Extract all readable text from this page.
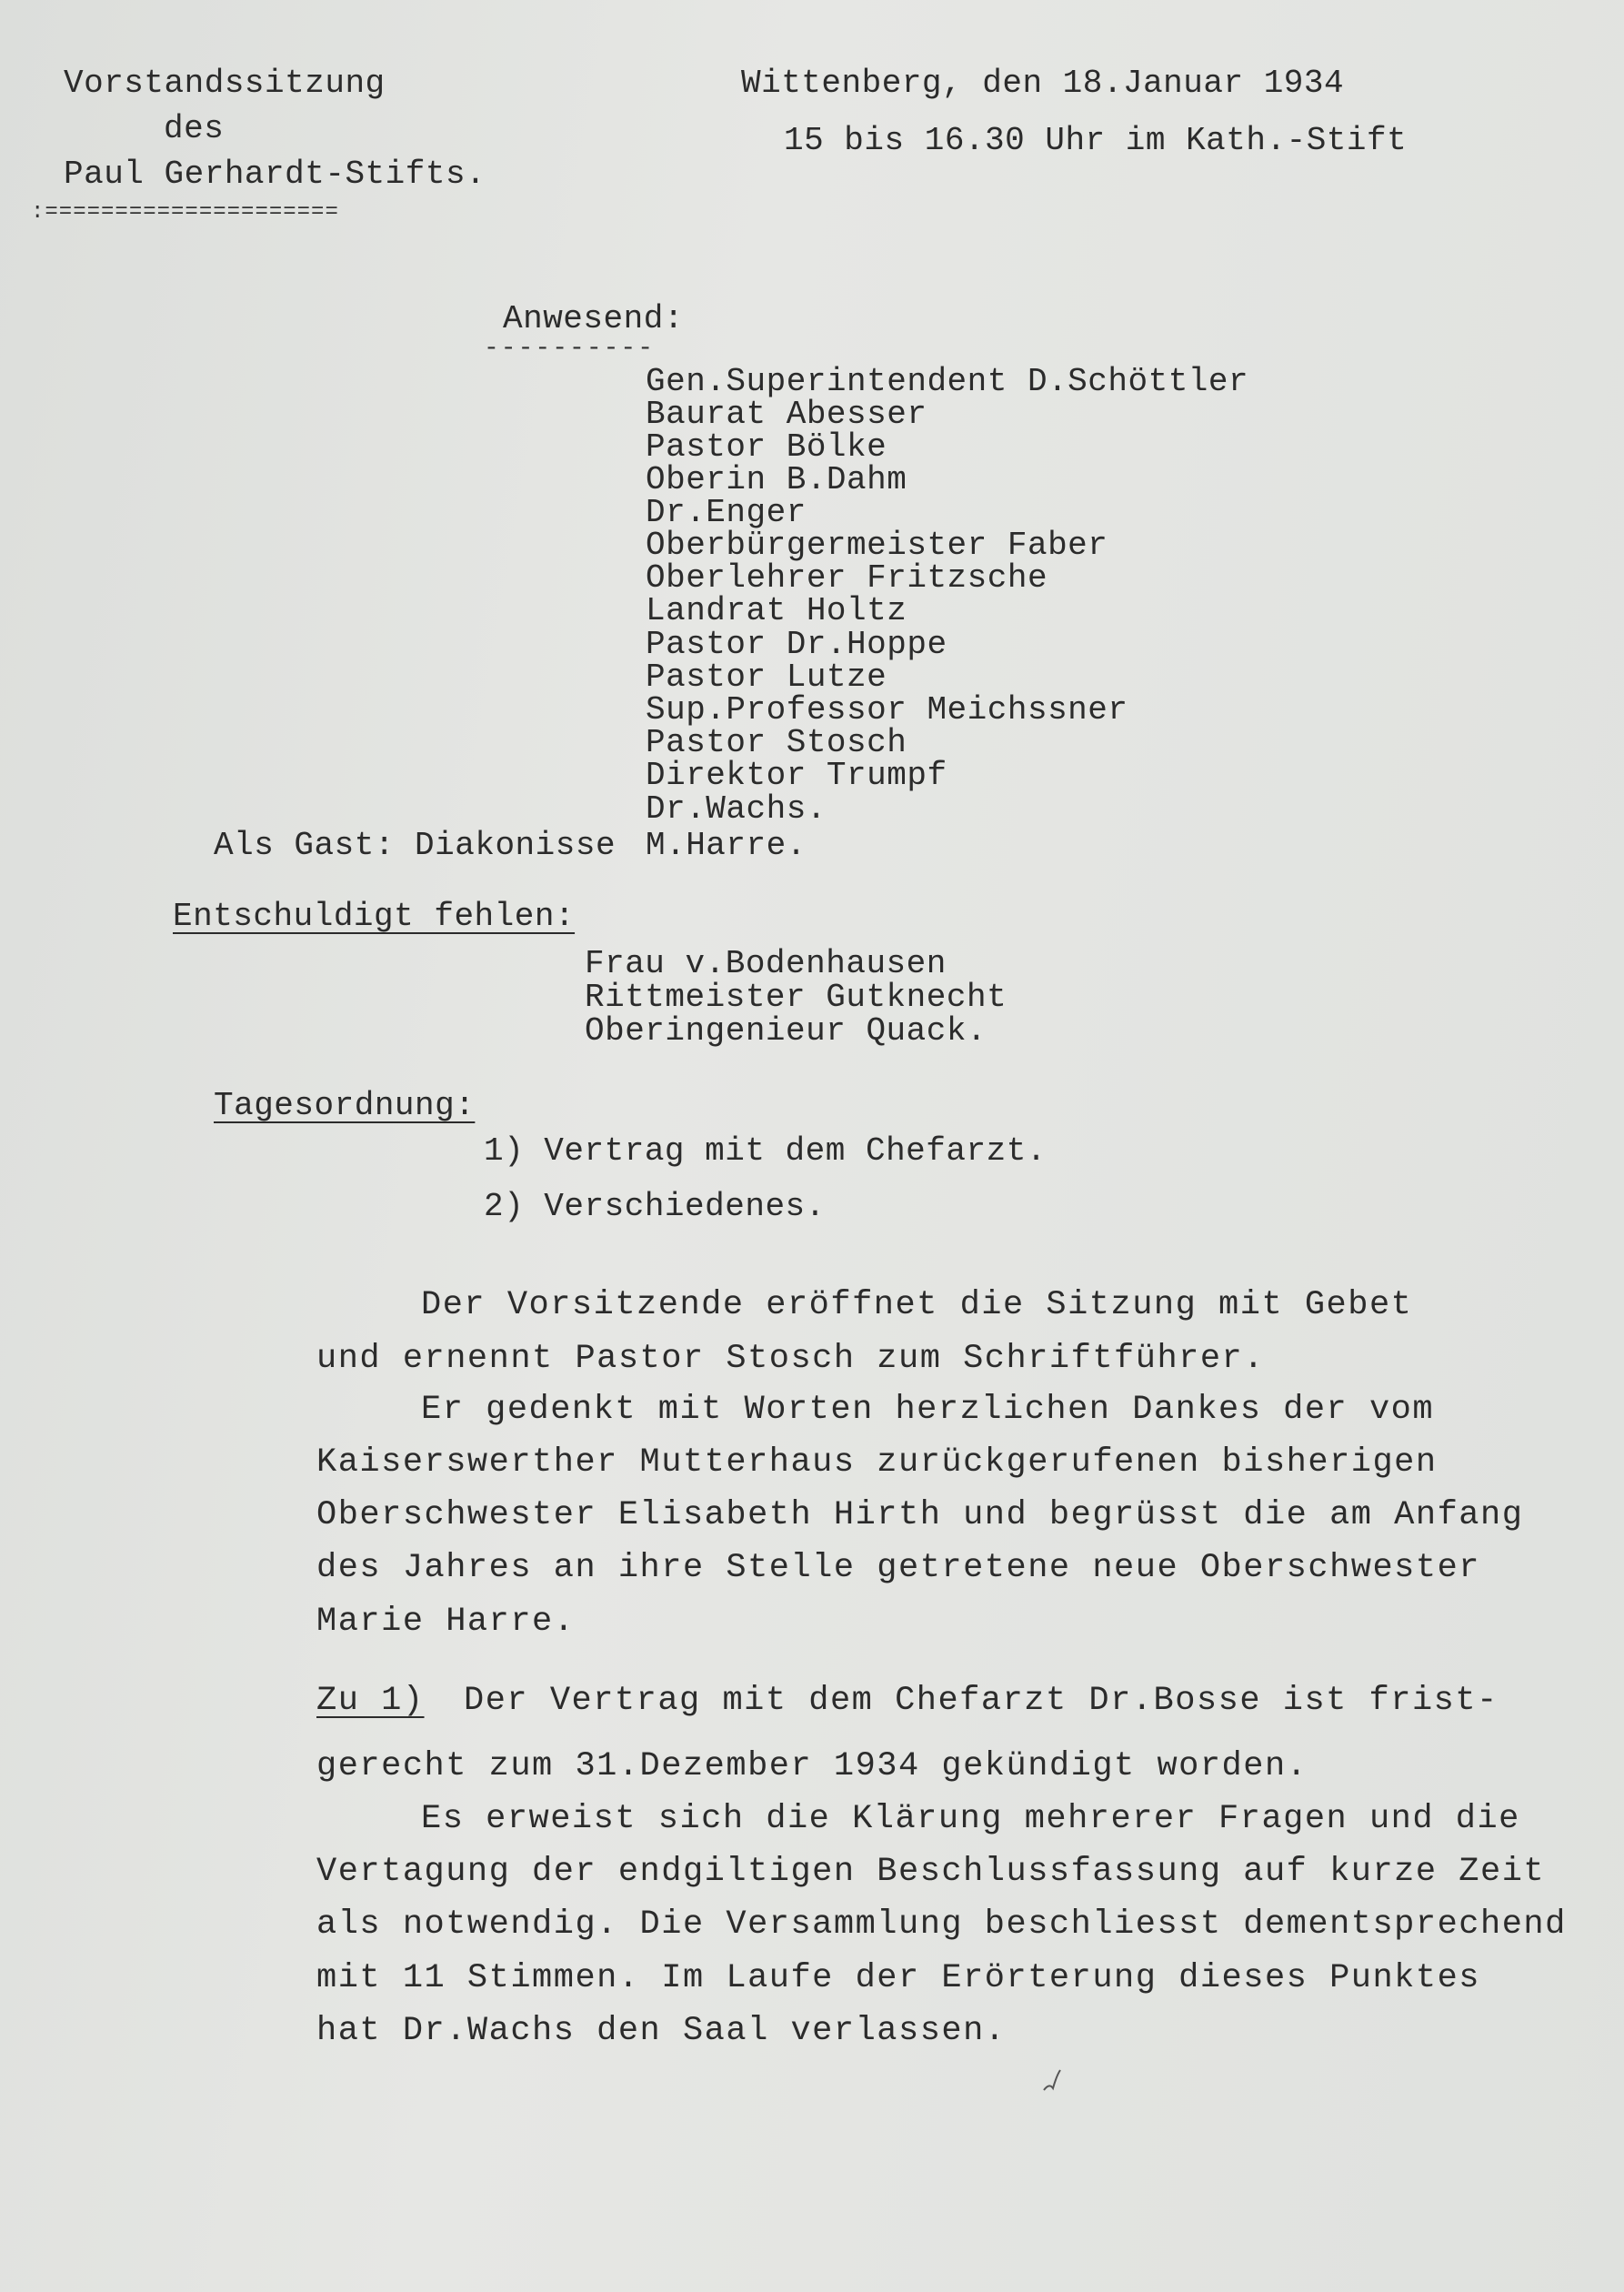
Vorstandssitzung
des
Paul Gerhardt-Stifts.
:=====================
Wittenberg, den 18.Januar 1934
15 bis 16.30 Uhr im Kath.-Stift
Anwesend:
----------
Gen.Superintendent D.Schöttler
Baurat Abesser
Pastor Bölke
Oberin B.Dahm
Dr.Enger
Oberbürgermeister Faber
Oberlehrer Fritzsche
Landrat Holtz
Pastor Dr.Hoppe
Pastor Lutze
Sup.Professor Meichssner
Pastor Stosch
Direktor Trumpf
Dr.Wachs.
Als Gast: Diakonisse M.Harre.
Entschuldigt fehlen:
Frau v.Bodenhausen
Rittmeister Gutknecht
Oberingenieur Quack.
Tagesordnung:
1) Vertrag mit dem Chefarzt.
2) Verschiedenes.
Der Vorsitzende eröffnet die Sitzung mit Gebet
und ernennt Pastor Stosch zum Schriftführer.
Er gedenkt mit Worten herzlichen Dankes der vom
Kaiserswerther Mutterhaus zurückgerufenen bisherigen
Oberschwester Elisabeth Hirth und begrüsst die am Anfang
des Jahres an ihre Stelle getretene neue Oberschwester
Marie Harre.
Zu 1) Der Vertrag mit dem Chefarzt Dr.Bosse ist frist-
gerecht zum 31.Dezember 1934 gekündigt worden.
Es erweist sich die Klärung mehrerer Fragen und die
Vertagung der endgiltigen Beschlussfassung auf kurze Zeit
als notwendig. Die Versammlung beschliesst dementsprechend
mit 11 Stimmen. Im Laufe der Erörterung dieses Punktes
hat Dr.Wachs den Saal verlassen.
